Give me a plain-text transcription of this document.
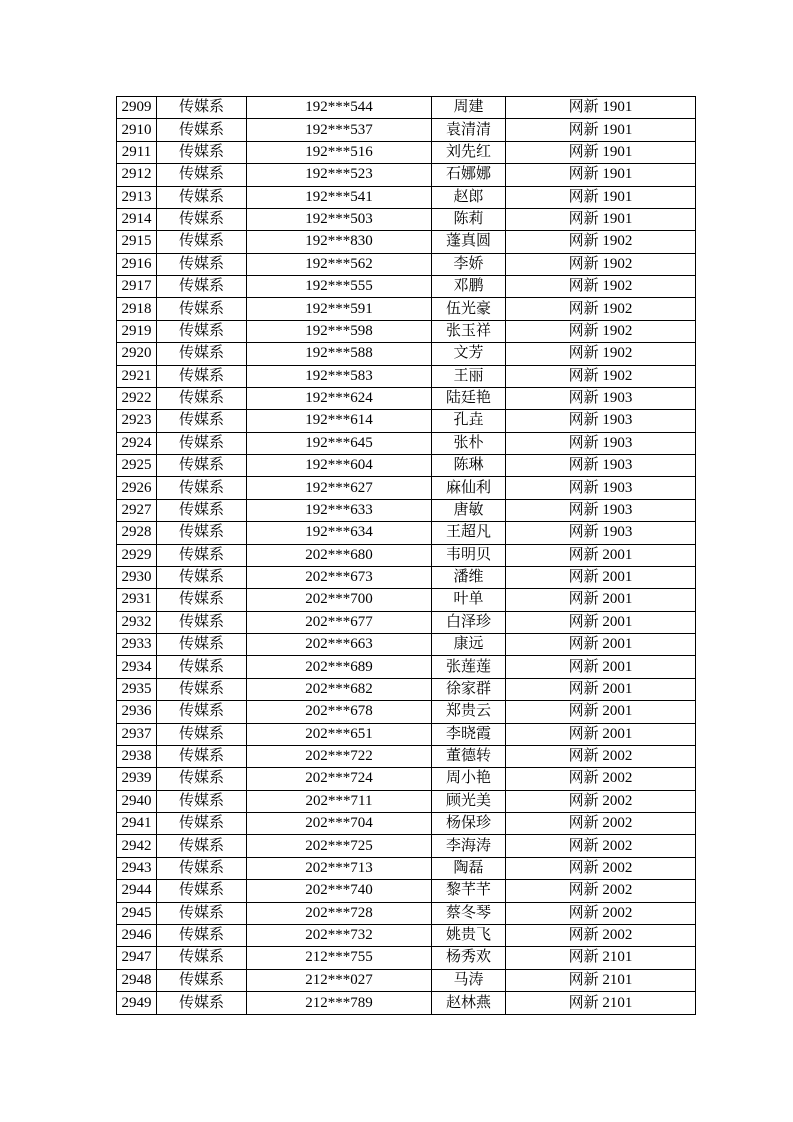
2909	传媒系	192***544	周建	网新 1901
2910	传媒系	192***537	袁清清	网新 1901
2911	传媒系	192***516	刘先红	网新 1901
2912	传媒系	192***523	石娜娜	网新 1901
2913	传媒系	192***541	赵郎	网新 1901
2914	传媒系	192***503	陈莉	网新 1901
2915	传媒系	192***830	蓬真圆	网新 1902
2916	传媒系	192***562	李娇	网新 1902
2917	传媒系	192***555	邓鹏	网新 1902
2918	传媒系	192***591	伍光豪	网新 1902
2919	传媒系	192***598	张玉祥	网新 1902
2920	传媒系	192***588	文芳	网新 1902
2921	传媒系	192***583	王丽	网新 1902
2922	传媒系	192***624	陆廷艳	网新 1903
2923	传媒系	192***614	孔垚	网新 1903
2924	传媒系	192***645	张朴	网新 1903
2925	传媒系	192***604	陈琳	网新 1903
2926	传媒系	192***627	麻仙利	网新 1903
2927	传媒系	192***633	唐敏	网新 1903
2928	传媒系	192***634	王超凡	网新 1903
2929	传媒系	202***680	韦明贝	网新 2001
2930	传媒系	202***673	潘维	网新 2001
2931	传媒系	202***700	叶单	网新 2001
2932	传媒系	202***677	白泽珍	网新 2001
2933	传媒系	202***663	康远	网新 2001
2934	传媒系	202***689	张莲莲	网新 2001
2935	传媒系	202***682	徐家群	网新 2001
2936	传媒系	202***678	郑贵云	网新 2001
2937	传媒系	202***651	李晓霞	网新 2001
2938	传媒系	202***722	董德转	网新 2002
2939	传媒系	202***724	周小艳	网新 2002
2940	传媒系	202***711	顾光美	网新 2002
2941	传媒系	202***704	杨保珍	网新 2002
2942	传媒系	202***725	李海涛	网新 2002
2943	传媒系	202***713	陶磊	网新 2002
2944	传媒系	202***740	黎芊芊	网新 2002
2945	传媒系	202***728	蔡冬琴	网新 2002
2946	传媒系	202***732	姚贵飞	网新 2002
2947	传媒系	212***755	杨秀欢	网新 2101
2948	传媒系	212***027	马涛	网新 2101
2949	传媒系	212***789	赵林燕	网新 2101
